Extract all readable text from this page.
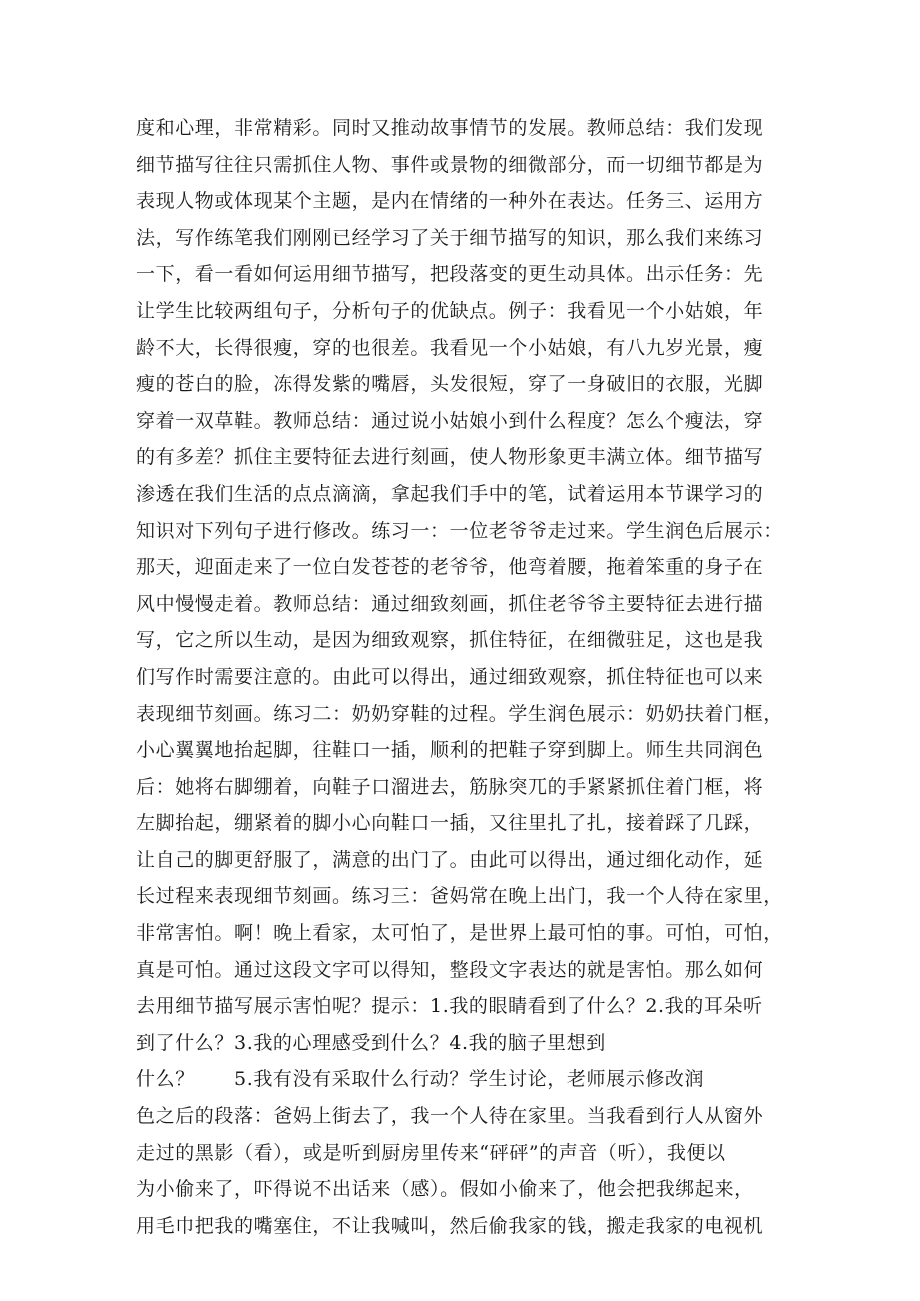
度和心理，非常精彩。同时又推动故事情节的发展。教师总结：我们发现
细节描写往往只需抓住人物、事件或景物的细微部分，而一切细节都是为
表现人物或体现某个主题，是内在情绪的一种外在表达。任务三、运用方
法，写作练笔我们刚刚已经学习了关于细节描写的知识，那么我们来练习
一下，看一看如何运用细节描写，把段落变的更生动具体。出示任务：先
让学生比较两组句子，分析句子的优缺点。例子：我看见一个小姑娘，年
龄不大，长得很瘦，穿的也很差。我看见一个小姑娘，有八九岁光景，瘦
瘦的苍白的脸，冻得发紫的嘴唇，头发很短，穿了一身破旧的衣服，光脚
穿着一双草鞋。教师总结：通过说小姑娘小到什么程度？怎么个瘦法，穿
的有多差？抓住主要特征去进行刻画，使人物形象更丰满立体。细节描写
渗透在我们生活的点点滴滴，拿起我们手中的笔，试着运用本节课学习的
知识对下列句子进行修改。练习一：一位老爷爷走过来。学生润色后展示：
那天，迎面走来了一位白发苍苍的老爷爷，他弯着腰，拖着笨重的身子在
风中慢慢走着。教师总结：通过细致刻画，抓住老爷爷主要特征去进行描
写，它之所以生动，是因为细致观察，抓住特征，在细微驻足，这也是我
们写作时需要注意的。由此可以得出，通过细致观察，抓住特征也可以来
表现细节刻画。练习二：奶奶穿鞋的过程。学生润色展示：奶奶扶着门框，
小心翼翼地抬起脚，往鞋口一插，顺利的把鞋子穿到脚上。师生共同润色
后：她将右脚绷着，向鞋子口溜进去，筋脉突兀的手紧紧抓住着门框，将
左脚抬起，绷紧着的脚小心向鞋口一插，又往里扎了扎，接着踩了几踩，
让自己的脚更舒服了，满意的出门了。由此可以得出，通过细化动作，延
长过程来表现细节刻画。练习三：爸妈常在晚上出门，我一个人待在家里，
非常害怕。啊！晚上看家，太可怕了，是世界上最可怕的事。可怕，可怕，
真是可怕。通过这段文字可以得知，整段文字表达的就是害怕。那么如何
去用细节描写展示害怕呢？提示：1.我的眼睛看到了什么？2.我的耳朵听
到了什么？3.我的心理感受到什么？4.我的脑子里想到
什么？　　5.我有没有采取什么行动？学生讨论，老师展示修改润
色之后的段落：爸妈上街去了，我一个人待在家里。当我看到行人从窗外
走过的黑影（看），或是听到厨房里传来“砰砰”的声音（听），我便以
为小偷来了，吓得说不出话来（感）。假如小偷来了，他会把我绑起来，
用毛巾把我的嘴塞住，不让我喊叫，然后偷我家的钱，搬走我家的电视机
